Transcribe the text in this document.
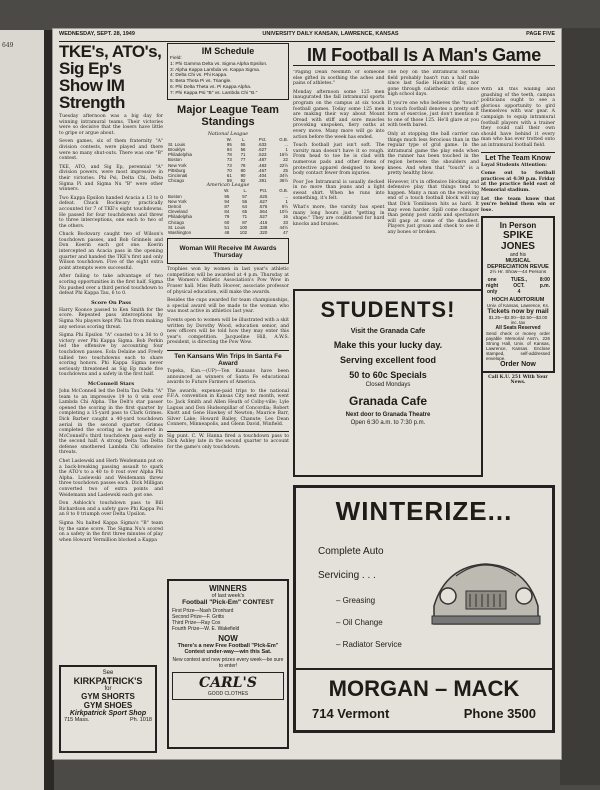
649
WEDNESDAY, SEPT. 28, 1949	UNIVERSITY DAILY KANSAN, LAWRENCE, KANSAS	PAGE FIVE
TKE's, ATO's, Sig Ep's Show IM Strength

Tuesday afternoon was a big day for winning intramural teams. Their victories were so decisive that the losers have little to gripe or argue about.

Seven games, six of them fraternity "A" division contests, were played and there were no many shut-outs. There was one "B" contest.

TKE, ATO, and Sig Ep, perennial "A" division powers, were most impressive in their victories. Phi Psi, Delta Chi, Delta Sigma Pi and Sigma Nu "B" were other winners.

Two Kappa Epsilon handed Acacia a 13 to 0 defeat. Chuck Bockwary practically accounted for 7 of TKE's eight touchdowns. He passed for four touchdowns and threw to three interceptions, one each to two of the others.

Chuck Bockwary caught two of Wilson's touchdown passes, and Bob Grinnels and Don Koerin each got one. Koerin intercepted an Acacia pass in the opening quarter and handed the TKE's first and only Wilson touchdown. Five of the eight extra point attempts were successful.

After failing to take advantage of two scoring opportunities in the first half, Sigma Nu pushed over a third period touchdown to defeat Phi Kappa Tau, 6 to 0.

Score On Pass

Harry Koonce passed to Ken Smith for the score. Repeated pass interceptions by Sigma Nu players kept Phi Tau from making any serious scoring threat.

Sigma Phi Epsilon "A" coasted to a 36 to 0 victory over Phi Kappa Sigma. Bob Perkin led the offensive by accounting four touchdown passes. Eola Delaine and Freely tallied two touchdowns each to share scoring honors. Phi Kappa Sigma never seriously threatened as Sig Ep made five touchdowns and a safety in the first half.

McConnell Stars

John McConnell led the Delta Tau Delta "A" team to an impressive 19 to 0 win over Lambda Chi Alpha. The Delt's star passer opened the scoring in the first quarter by completing a 15-yard pass to Clark Grimes. Dick Barber caught a 40-yard touchdown aerial in the second quarter. Grimes completed the scoring as he gathered in McConnell's third touchdown pass early in the second half. A strong Delta Tau Delta defense smothered Lambda Chi offensive threats.

Chet Laslewski and Herb Weidemann put on a back-breaking passing assault to spark the ATO's to a 40 to 0 rout over Alpha Phi Alpha. Laslewski and Weidemann threw three touchdown passes each. Dick Milligan converted two of extra points and Weidemann and Laslewski each got one.

Don Ashlock's touchdown pass to Bill Richardson and a safety gave Phi Kappa Psi an 8 to 0 triumph over Delta Upsilon.

Sigma Nu halted Kappa Sigma's "B" team by the same score. The Sigma Nu's scored on a safety in the first three minutes of play when Howard Vermillion blocked a Kappa

See
KIRKPATRICK'S
for
GYM SHORTS
GYM SHOES
Kirkpatrick Sport Shop
715 Mass.	Ph. 1018
IM Schedule
Field:
1: Phi Gamma Delta vs. Sigma Alpha Epsilon.
3: Alpha Kappa Lambda vs. Kappa Sigma.
4: Delta Chi vs. Phi Kappa.
5: Beta Theta Pi vs. Triangle.
6: Phi Delta Theta vs. Pi Kappa Alpha.
7: Phi Kappa Psi "B" vs. Lambda Chi "B."
Major League Team Standings
National League
	W.	L.	Pct.	G.B.
St. Louis	95	55	.633	...
Brooklyn	94	56	.627	1
Philadelphia	78	71	.523	16½
Boston	73	77	.487	22
New York	73	78	.483	22½
Pittsburg	70	80	.467	25
Cincinnati	61	90	.404	34½
Chicago	59	92	.391	36½
American League
	W.	L.	Pct.	G.B.
Boston	95	57	.625	...
New York	94	56	.627	1
Detroit	87	64	.576	8½
Cleveland	84	65	.564	10½
Philadelphia	79	71	.527	16
Chicago	60	87	.416	33
St. Louis	51	100	.338	44½
Washington	48	102	.320	47
Woman Will Receive IM Awards Thursday

Trophies won by women in last year's athletic competition will be awarded at 4 p.m. Thursday at the Women's Athletic Association's Pow Wow in Fraser hall. Miss Ruth Hoover, associate professor of physical education, will make the awards.

Besides the cups awarded for team championships, a special award will be made to the woman who was most active in athletics last year.

Events open to women will be illustrated with a skit written by Dorothy Wood, education senior, and new officers will be told how they may enter this year's competition. Jacqueline Hill, A.W.S. president, is directing the Pow Wow.

Ten Kansans Win Trips In Santa Fe Award

Topeka, Kan.—(UP)—Ten Kansans have been announced as winners of Santa Fe educational awards to Future Farmers of America.

The awards, expense-paid trips to the national F.F.A. convention in Kansas City next month, went to: Jack Smith and Allen Heath of Colby-ville; Lyle Laguss and Don Hudsonpillar of Concordia; Robert Knott and Gene Hawkey of Newton; Maurice Barr, Silver Lake; Howard Bailey, Chanute; Leo Dean Conners, Minneapolis, and Glenn David, Winfield.

Sig punt. C. W. Hanna fired a touchdown pass to Dick Ashley late in the second quarter to account for the game's only touchdown.

WINNERS
of last week's
Football "Pick-Em" CONTEST
First Prize—Nash Dronhard
Second Prize—F. Gritts
Third Prize—Ray Cox
Fourth Prize—W. E. Wakefield
NOW
There's a new Free Football "Pick-Em" Contest under-way—win this Sat.
New contest and new prizes every week—be sure to enter!
CARL'S
GOOD CLOTHES
IM Football Is A Man's Game

"Paging Dean Nesmith or someone else gifted in soothing the aches and pains of athletes."

Monday afternoon some 125 men inaugurated the fall intramural sports program on the campus at six touch football games. Today some 125 men are making their way about Mount Oread with stiff and sore muscles provoking unspoken, fiery oaths at every move. Many more will go into action before the week has ended.

Touch football just isn't soft. The varsity man doesn't have it so rough. From head to toe he is clad with numerous pads and other items of protective apparel designed to keep body contact fewer from injuries.

Poor Joe Intramural is usually decked in no more than jeans and a light sweat shirt. When he runs into something, it's felt.

What's more, the varsity has spent many long hours just "getting in shape." They are conditioned for hard knocks and bruises.

The boy on the intramural football field probably hasn't run a half mile since last Sadie Hawkin's day, nor gone through calisthenic drills since high school days.

If you're one who believes the "touch" in touch football denotes a pretty soft form of exercise, just don't mention it to one of those 125. He'll glare at you with teeth bared.

Only at stopping the ball carrier can things much less ferocious than in the regular type of grid game. In the intramural game the play ends when the runner has been touched in the region between the shoulders and knees. And when that "touch" is a pretty healthy blow.

However, it's in offensive blocking and defensive play that things tend to happen. Many a man on the receiving end of a touch football block will say that Dick Tomlinson hits as hard. It may even harder. Spill come cheaper than penny post cards and spectators will gasp at some of the dandiest. Players just groan and check to see if any bones or broken.

With all this wailing and gnashing of the teeth, campus politicians ought to see a glorious opportunity to gird themselves with war gear. A campaign to equip intramural football players with a trainer they could call their own should have behind it every man who has ever trotted onto an intramural football field.

Let The Team Know

Loyal Students Attention:

Come out to football practices at 4:30 p.m. Friday at the practice field east of Memorial stadium.

Let the team know that you're behind them win or lose.

In Person
SPIKE JONES
and his
MUSICAL DEPRECIATION REVUE
2½ Hr. Show—44 Persons
one
night
only
TUES.,
OCT.
4
8:00
p.m.
HOCH AUDITORIUM
Univ. of Kansas, Lawrence, Ks.
Tickets now by mail
$1.25—$2.00—$2.50—$3.00 inc. tax
All Seats Reserved
Send check or money order payable Memorial Ass'n, 226 Strong Hall, Univ. of Kansas, Lawrence, Kansas. Enclose stamped, self-addressed envelope.
Order Now
Call K.U. 251 With Your News.
STUDENTS!
Visit the Granada Cafe
Make this your lucky day.
Serving excellent food
50 to 60c Specials
Closed Mondays
Granada Cafe
Next door to Granada Theatre
Open 6:30 a.m. to 7:30 p.m.
WINTERIZE...
Complete Auto
Servicing . . .
– Greasing
– Oil Change
– Radiator Service
MORGAN – MACK
714 Vermont	Phone 3500
